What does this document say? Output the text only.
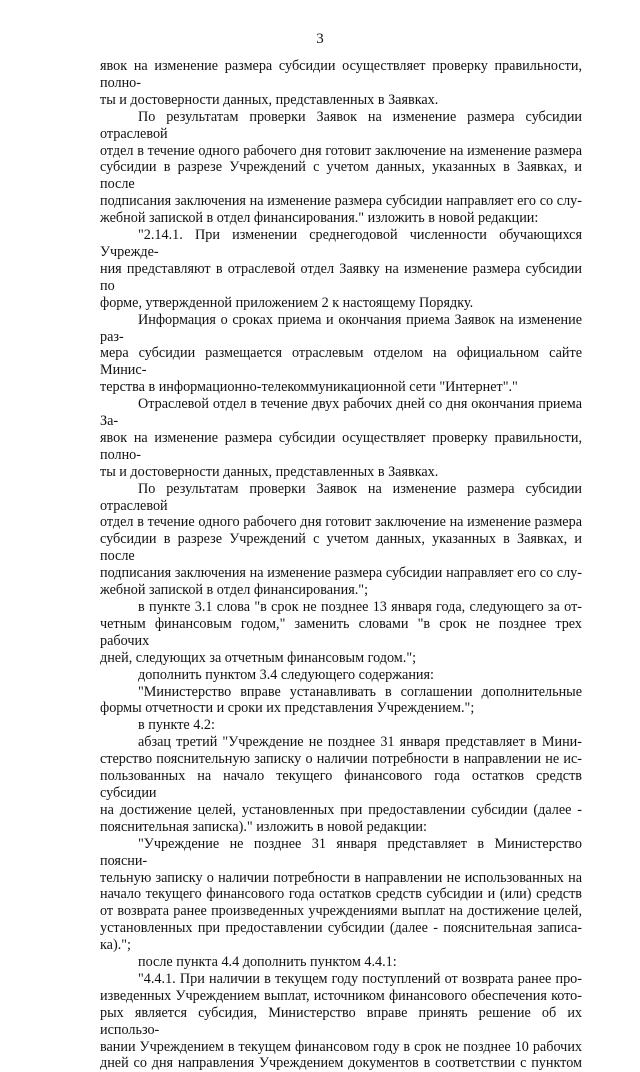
3

явок на изменение размера субсидии осуществляет проверку правильности, полно-

ты и достоверности данных, представленных в Заявках.

По результатам проверки Заявок на изменение размера субсидии отраслевой

отдел в течение одного рабочего дня готовит заключение на изменение размера

субсидии в разрезе Учреждений с учетом данных, указанных в Заявках, и после

подписания заключения на изменение размера субсидии направляет его со слу-

жебной запиской в отдел финансирования." изложить в новой редакции:

"2.14.1. При изменении среднегодовой численности обучающихся Учрежде-

ния представляют в отраслевой отдел Заявку на изменение размера субсидии по

форме, утвержденной приложением 2 к настоящему Порядку.

Информация о сроках приема и окончания приема Заявок на изменение раз-

мера субсидии размещается отраслевым отделом на официальном сайте Минис-

терства в информационно-телекоммуникационной сети "Интернет"."

Отраслевой отдел в течение двух рабочих дней со дня окончания приема За-

явок на изменение размера субсидии осуществляет проверку правильности, полно-

ты и достоверности данных, представленных в Заявках.

По результатам проверки Заявок на изменение размера субсидии отраслевой

отдел в течение одного рабочего дня готовит заключение на изменение размера

субсидии в разрезе Учреждений с учетом данных, указанных в Заявках, и после

подписания заключения на изменение размера субсидии направляет его со слу-

жебной запиской в отдел финансирования.";

в пункте 3.1 слова "в срок не позднее 13 января года, следующего за от-

четным финансовым годом," заменить словами "в срок не позднее трех рабочих

дней, следующих за отчетным финансовым годом.";

дополнить пунктом 3.4 следующего содержания:

"Министерство вправе устанавливать в соглашении дополнительные

формы отчетности и сроки их представления Учреждением.";

в пункте 4.2:

абзац третий "Учреждение не позднее 31 января представляет в Мини-

стерство пояснительную записку о наличии потребности в направлении не ис-

пользованных на начало текущего финансового года остатков средств субсидии

на достижение целей, установленных при предоставлении субсидии (далее -

пояснительная записка)." изложить в новой редакции:

"Учреждение не позднее 31 января представляет в Министерство поясни-

тельную записку о наличии потребности в направлении не использованных на

начало текущего финансового года остатков средств субсидии и (или) средств

от возврата ранее произведенных учреждениями выплат на достижение целей,

установленных при предоставлении субсидии (далее - пояснительная записа-

ка).";

после пункта 4.4 дополнить пунктом 4.4.1:

"4.4.1. При наличии в текущем году поступлений от возврата ранее про-

изведенных Учреждением выплат, источником финансового обеспечения кото-

рых является субсидия, Министерство вправе принять решение об их использо-

вании Учреждением в текущем финансовом году в срок не позднее 10 рабочих

дней со дня направления Учреждением документов в соответствии с пунктом
